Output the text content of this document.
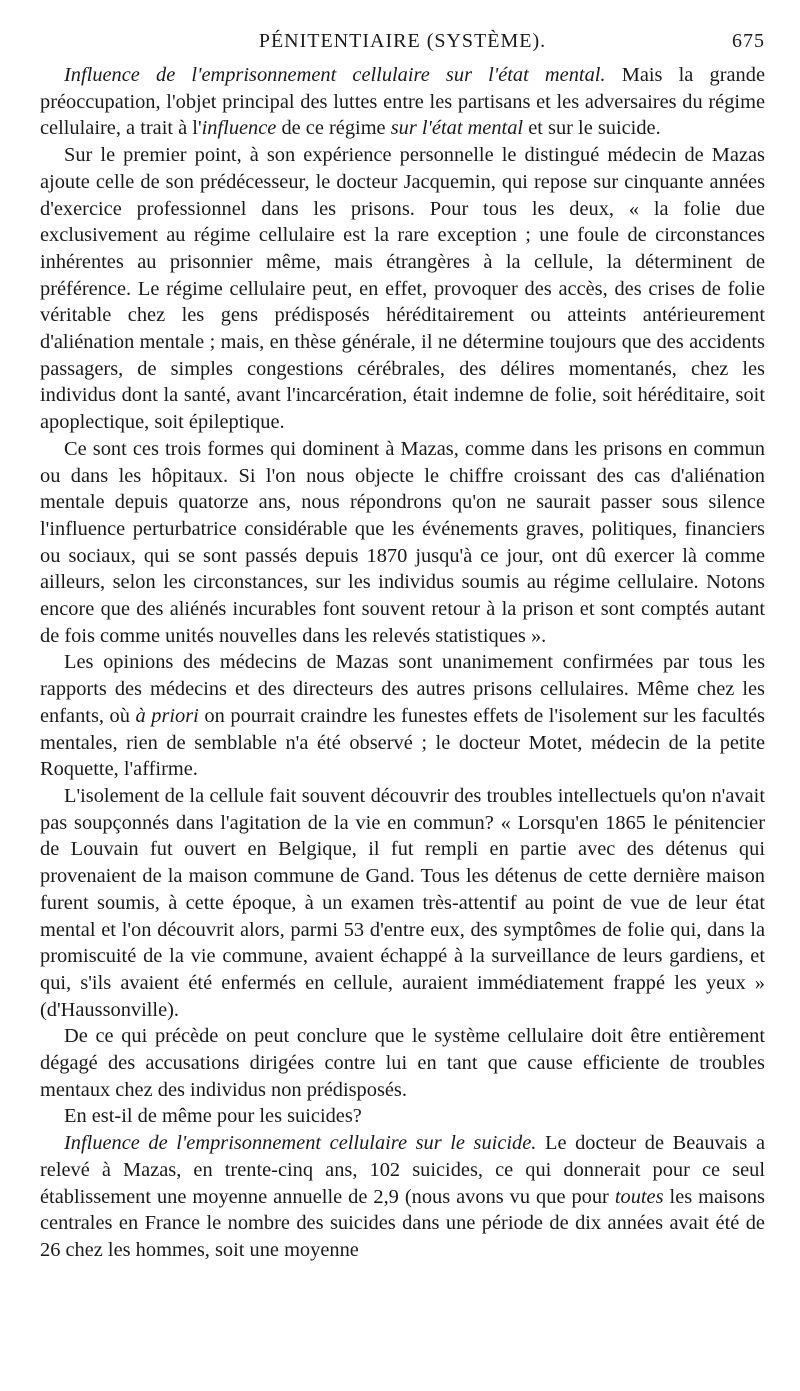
PÉNITENTIAIRE (SYSTÈME).	675

Influence de l'emprisonnement cellulaire sur l'état mental. Mais la grande préoccupation, l'objet principal des luttes entre les partisans et les adversaires du régime cellulaire, a trait à l'influence de ce régime sur l'état mental et sur le suicide.

Sur le premier point, à son expérience personnelle le distingué médecin de Mazas ajoute celle de son prédécesseur, le docteur Jacquemin, qui repose sur cinquante années d'exercice professionnel dans les prisons. Pour tous les deux, « la folie due exclusivement au régime cellulaire est la rare exception ; une foule de circonstances inhérentes au prisonnier même, mais étrangères à la cellule, la déterminent de préférence. Le régime cellulaire peut, en effet, provoquer des accès, des crises de folie véritable chez les gens prédisposés héréditairement ou atteints antérieurement d'aliénation mentale ; mais, en thèse générale, il ne détermine toujours que des accidents passagers, de simples congestions cérébrales, des délires momentanés, chez les individus dont la santé, avant l'incarcération, était indemne de folie, soit héréditaire, soit apoplectique, soit épileptique.

Ce sont ces trois formes qui dominent à Mazas, comme dans les prisons en commun ou dans les hôpitaux. Si l'on nous objecte le chiffre croissant des cas d'aliénation mentale depuis quatorze ans, nous répondrons qu'on ne saurait passer sous silence l'influence perturbatrice considérable que les événements graves, politiques, financiers ou sociaux, qui se sont passés depuis 1870 jusqu'à ce jour, ont dû exercer là comme ailleurs, selon les circonstances, sur les individus soumis au régime cellulaire. Notons encore que des aliénés incurables font souvent retour à la prison et sont comptés autant de fois comme unités nouvelles dans les relevés statistiques ».

Les opinions des médecins de Mazas sont unanimement confirmées par tous les rapports des médecins et des directeurs des autres prisons cellulaires. Même chez les enfants, où à priori on pourrait craindre les funestes effets de l'isolement sur les facultés mentales, rien de semblable n'a été observé ; le docteur Motet, médecin de la petite Roquette, l'affirme.

L'isolement de la cellule fait souvent découvrir des troubles intellectuels qu'on n'avait pas soupçonnés dans l'agitation de la vie en commun? « Lorsqu'en 1865 le pénitencier de Louvain fut ouvert en Belgique, il fut rempli en partie avec des détenus qui provenaient de la maison commune de Gand. Tous les détenus de cette dernière maison furent soumis, à cette époque, à un examen très-attentif au point de vue de leur état mental et l'on découvrit alors, parmi 53 d'entre eux, des symptômes de folie qui, dans la promiscuité de la vie commune, avaient échappé à la surveillance de leurs gardiens, et qui, s'ils avaient été enfermés en cellule, auraient immédiatement frappé les yeux » (d'Haussonville).

De ce qui précède on peut conclure que le système cellulaire doit être entièrement dégagé des accusations dirigées contre lui en tant que cause efficiente de troubles mentaux chez des individus non prédisposés.

En est-il de même pour les suicides?

Influence de l'emprisonnement cellulaire sur le suicide. Le docteur de Beauvais a relevé à Mazas, en trente-cinq ans, 102 suicides, ce qui donnerait pour ce seul établissement une moyenne annuelle de 2,9 (nous avons vu que pour toutes les maisons centrales en France le nombre des suicides dans une période de dix années avait été de 26 chez les hommes, soit une moyenne
